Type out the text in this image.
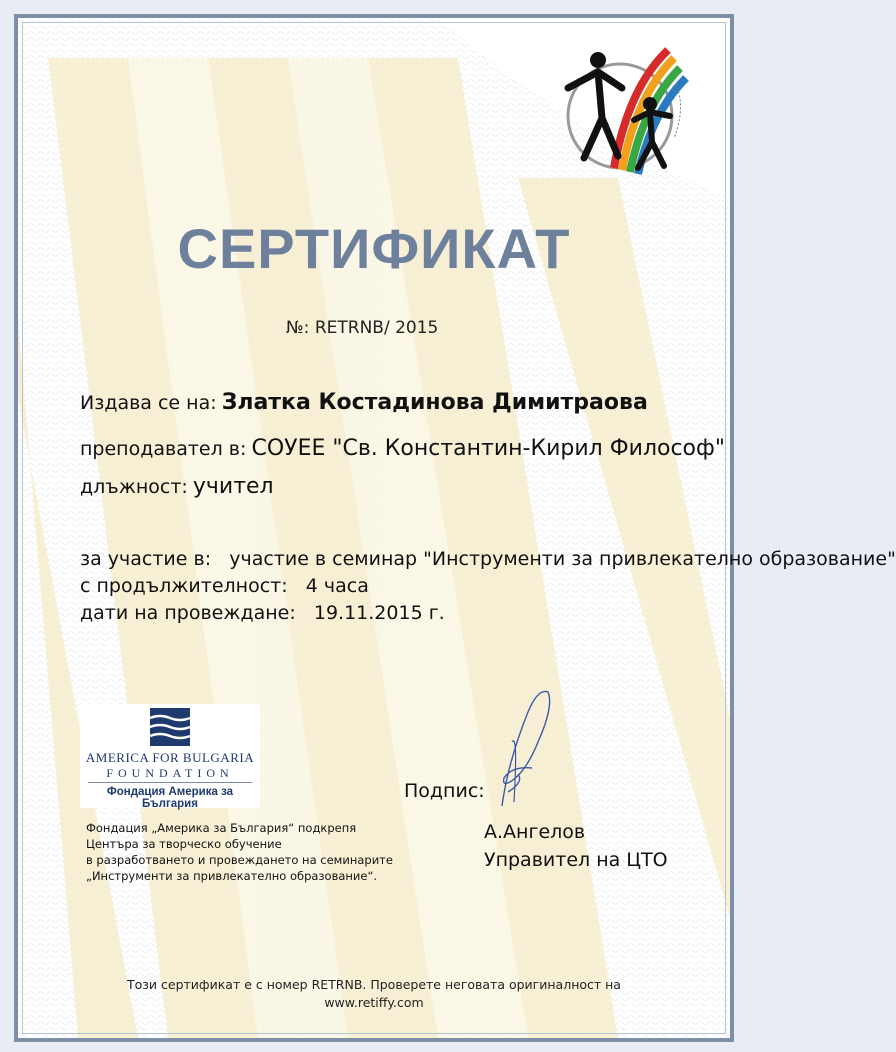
СЕРТИФИКАТ
№: RETRNB/ 2015
Издава се на: Златка Костадинова Димитраова
преподавател в: СОУЕЕ "Св. Константин-Кирил Философ"
длъжност: учител
за участие в: участие в семинар "Инструменти за привлекателно образование"
с продължителност: 4 часа
дати на провеждане: 19.11.2015 г.
AMERICA FOR BULGARIA
FOUNDATION
Фондация Америка за България
Фондация „Америка за България“ подкрепя
Центъра за творческо обучение
в разработването и провеждането на семинарите
„Инструменти за привлекателно образование“.
Подпис:
А.Ангелов
Управител на ЦТО
Този сертификат е с номер RETRNB. Проверете неговата оригиналност на
www.retiffy.com
